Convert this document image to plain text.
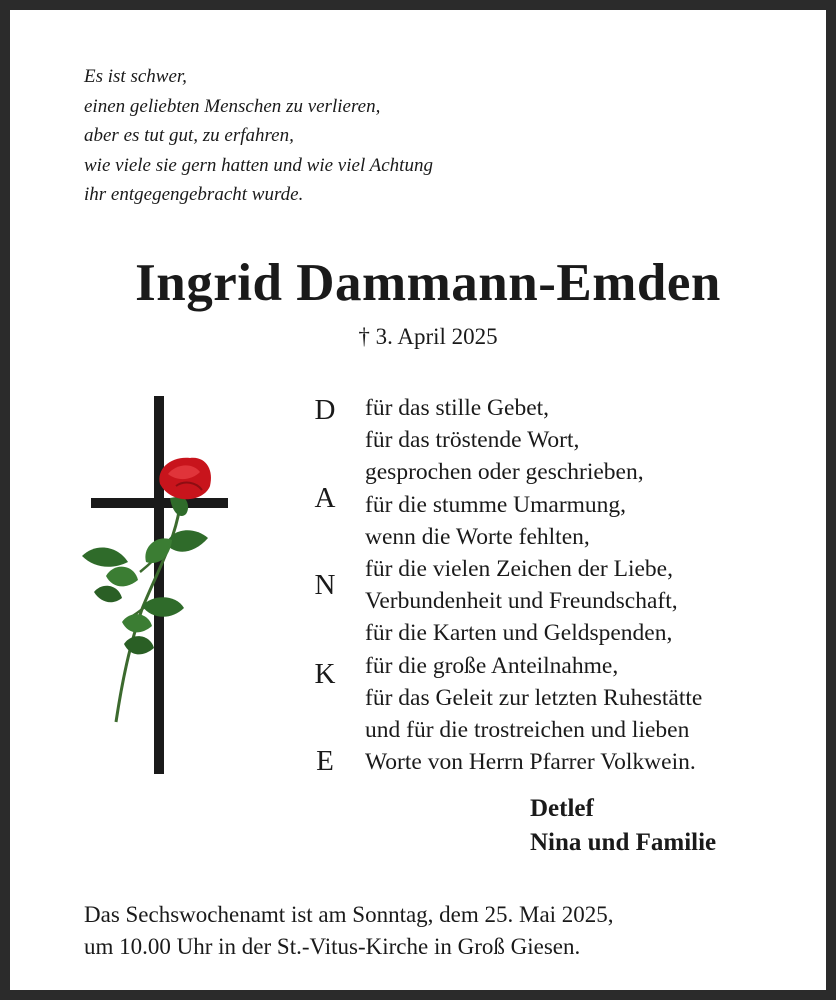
Es ist schwer,
einen geliebten Menschen zu verlieren,
aber es tut gut, zu erfahren,
wie viele sie gern hatten und wie viel Achtung
ihr entgegengebracht wurde.
Ingrid Dammann-Emden
† 3. April 2025
D
A
N
K
E
für das stille Gebet,
für das tröstende Wort,
gesprochen oder geschrieben,
für die stumme Umarmung,
wenn die Worte fehlten,
für die vielen Zeichen der Liebe,
Verbundenheit und Freundschaft,
für die Karten und Geldspenden,
für die große Anteilnahme,
für das Geleit zur letzten Ruhestätte
und für die trostreichen und lieben
Worte von Herrn Pfarrer Volkwein.
Detlef
Nina und Familie
Das Sechswochenamt ist am Sonntag, dem 25. Mai 2025,
um 10.00 Uhr in der St.-Vitus-Kirche in Groß Giesen.
